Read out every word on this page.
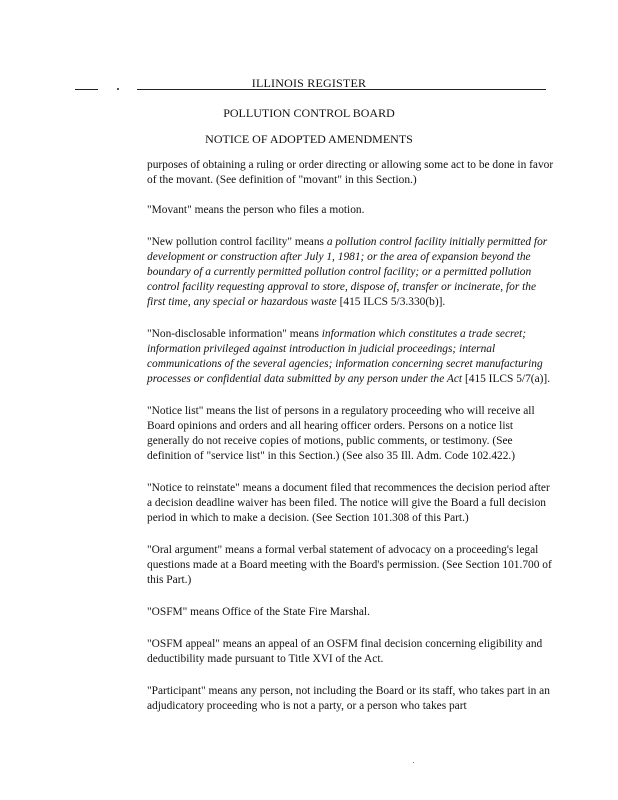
ILLINOIS REGISTER
POLLUTION CONTROL BOARD
NOTICE OF ADOPTED AMENDMENTS

purposes of obtaining a ruling or order directing or allowing some act to be done in favor of the movant. (See definition of "movant" in this Section.)

"Movant" means the person who files a motion.

"New pollution control facility" means a pollution control facility initially permitted for development or construction after July 1, 1981; or the area of expansion beyond the boundary of a currently permitted pollution control facility; or a permitted pollution control facility requesting approval to store, dispose of, transfer or incinerate, for the first time, any special or hazardous waste [415 ILCS 5/3.330(b)].

"Non-disclosable information" means information which constitutes a trade secret; information privileged against introduction in judicial proceedings; internal communications of the several agencies; information concerning secret manufacturing processes or confidential data submitted by any person under the Act [415 ILCS 5/7(a)].

"Notice list" means the list of persons in a regulatory proceeding who will receive all Board opinions and orders and all hearing officer orders. Persons on a notice list generally do not receive copies of motions, public comments, or testimony. (See definition of "service list" in this Section.) (See also 35 Ill. Adm. Code 102.422.)

"Notice to reinstate" means a document filed that recommences the decision period after a decision deadline waiver has been filed. The notice will give the Board a full decision period in which to make a decision. (See Section 101.308 of this Part.)

"Oral argument" means a formal verbal statement of advocacy on a proceeding's legal questions made at a Board meeting with the Board's permission. (See Section 101.700 of this Part.)

"OSFM" means Office of the State Fire Marshal.

"OSFM appeal" means an appeal of an OSFM final decision concerning eligibility and deductibility made pursuant to Title XVI of the Act.

"Participant" means any person, not including the Board or its staff, who takes part in an adjudicatory proceeding who is not a party, or a person who takes part
